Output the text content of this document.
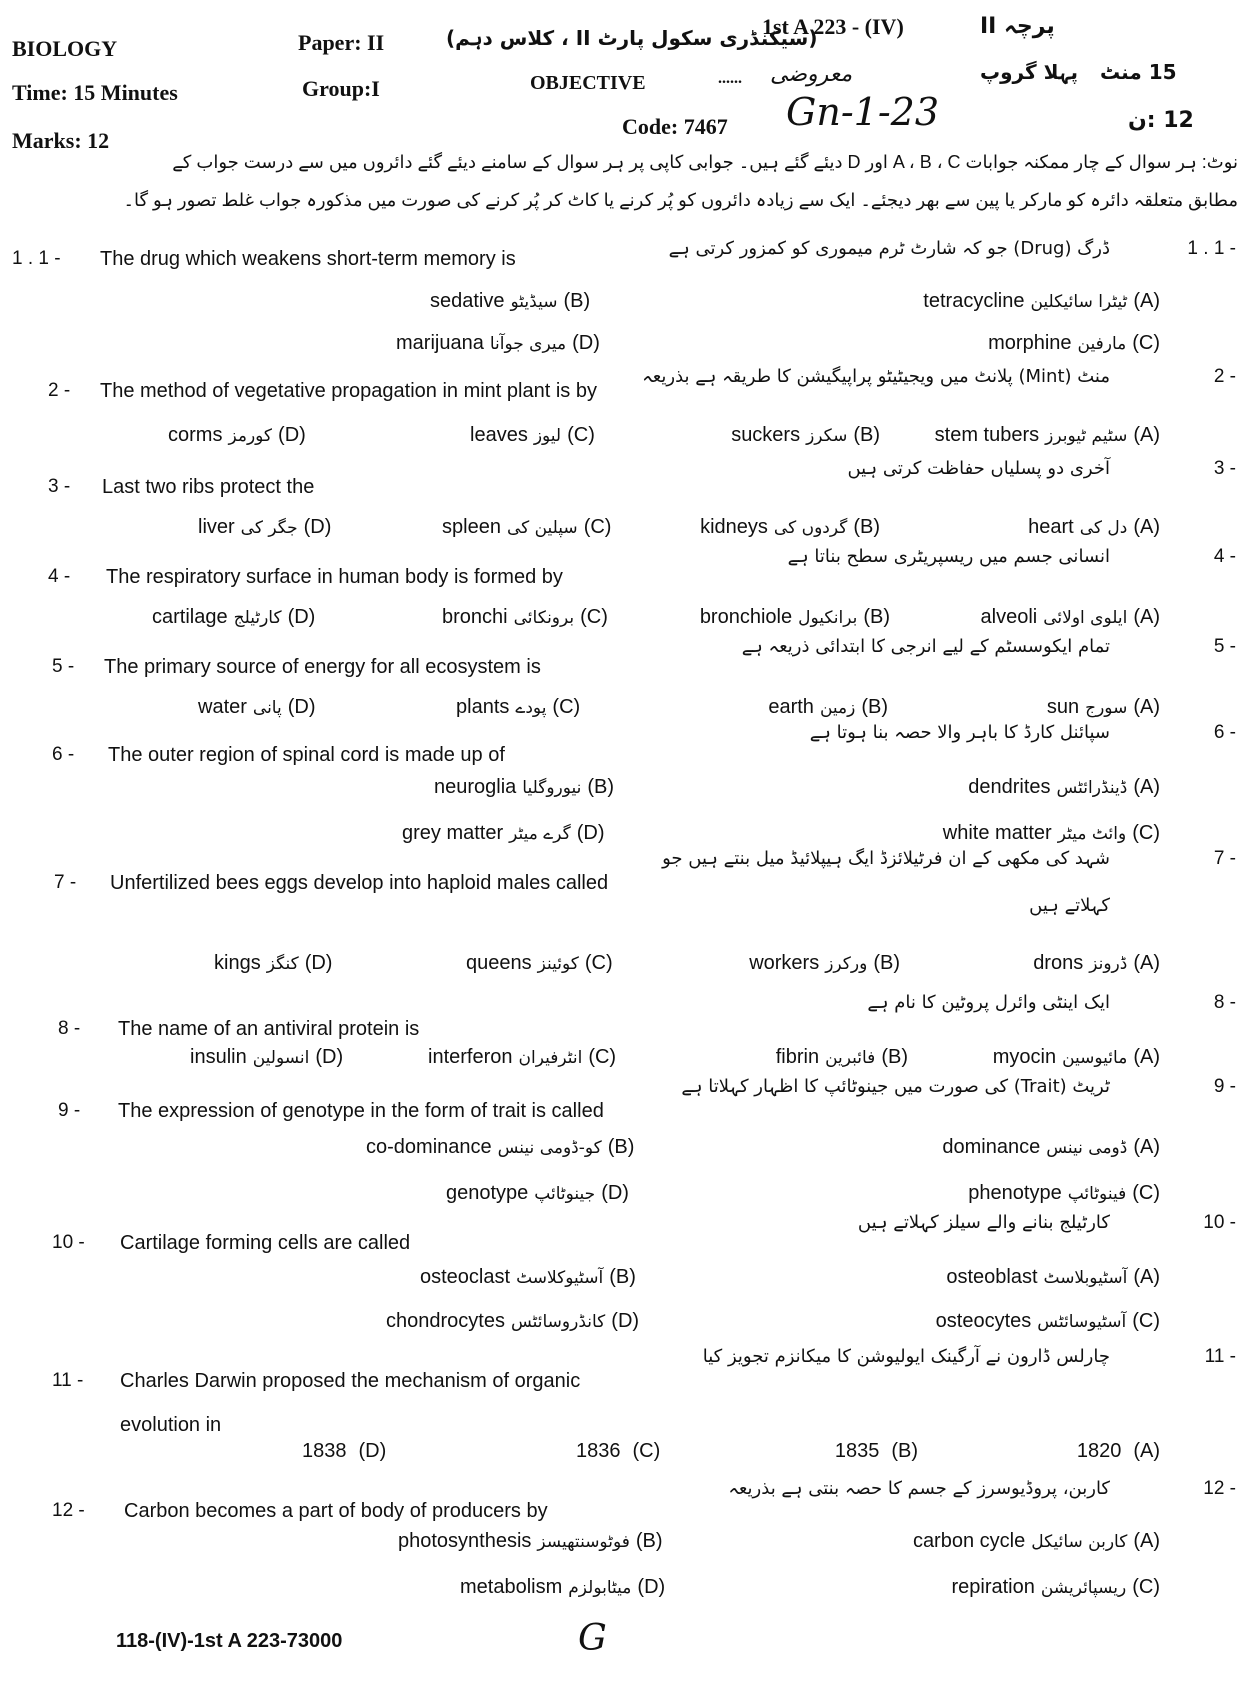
BIOLOGY	Paper: II	(سیکنڈری سکول پارٹ II ، کلاس دہم)
1st A 223 - (IV)	II پرچہ
Time: 15 Minutes	Group:I	OBJECTIVE	...... معروضی	پہلا گروپ 15 منٹ
Marks: 12
Code: 7467 Gn-1-23	12 :ن
نوٹ: ہر سوال کے چار ممکنہ جوابات A ، B ، C اور D دیئے گئے ہیں۔ جوابی کاپی پر ہر سوال کے سامنے دیئے گئے دائروں میں سے درست جواب کے
مطابق متعلقہ دائرہ کو مارکر یا پین سے بھر دیجئے۔ ایک سے زیادہ دائروں کو پُر کرنے یا کاٹ کر پُر کرنے کی صورت میں مذکورہ جواب غلط تصور ہو گا۔
1 . 1 - The drug which weakens short-term memory is	ڈرگ (Drug) جو کہ شارٹ ٹرم میموری کو کمزور کرتی ہے	1 . 1 -
tetracycline ٹیٹرا سائیکلین (A)
sedative سیڈیٹو (B)
morphine مارفین (C)
marijuana میری جوآنا (D)
2 - The method of vegetative propagation in mint plant is by
منٹ (Mint) پلانٹ میں ویجیٹیٹو پراپیگیشن کا طریقہ ہے بذریعہ	2 -
stem tubers سٹیم ٹیوبرز (A)
suckers سکرز (B)
leaves لیوز (C)
corms کورمز (D)
3 - Last two ribs protect the
آخری دو پسلیاں حفاظت کرتی ہیں	3 -
heart دل کی (A)
kidneys گردوں کی (B)
spleen سپلین کی (C)
liver جگر کی (D)
4 - The respiratory surface in human body is formed by
انسانی جسم میں ریسپریٹری سطح بناتا ہے	4 -
alveoli ایلوی اولائی (A)
bronchiole برانکیول (B)
bronchi برونکائی (C)
cartilage کارٹیلج (D)
5 - The primary source of energy for all ecosystem is
تمام ایکوسسٹم کے لیے انرجی کا ابتدائی ذریعہ ہے	5 -
sun سورج (A)
earth زمین (B)
plants پودے (C)
water پانی (D)
6 - The outer region of spinal cord is made up of
سپائنل کارڈ کا باہر والا حصہ بنا ہوتا ہے	6 -
dendrites ڈینڈرائٹس (A)
neuroglia نیوروگلیا (B)
white matter وائٹ میٹر (C)
grey matter گرے میٹر (D)
7 - Unfertilized bees eggs develop into haploid males called
شہد کی مکھی کے ان فرٹیلائزڈ ایگ ہیپلائیڈ میل بنتے ہیں جو	7 -
کہلاتے ہیں
drons ڈرونز (A)
workers ورکرز (B)
queens کوئینز (C)
kings کنگز (D)
8 - The name of an antiviral protein is
ایک اینٹی وائرل پروٹین کا نام ہے	8 -
myocin مائیوسین (A)
fibrin فائبرین (B)
interferon انٹرفیران (C)
insulin انسولین (D)
9 - The expression of genotype in the form of trait is called
ٹریٹ (Trait) کی صورت میں جینوٹائپ کا اظہار کہلاتا ہے	9 -
dominance ڈومی نینس (A)
co-dominance کو-ڈومی نینس (B)
phenotype فینوٹائپ (C)
genotype جینوٹائپ (D)
10 - Cartilage forming cells are called
کارٹیلج بنانے والے سیلز کہلاتے ہیں	10 -
osteoblast آسٹیوبلاسٹ (A)
osteoclast آسٹیوکلاسٹ (B)
osteocytes آسٹیوسائٹس (C)
chondrocytes کانڈروسائٹس (D)
11 - Charles Darwin proposed the mechanism of organic
evolution in
چارلس ڈارون نے آرگینک ایولیوشن کا میکانزم تجویز کیا	11 -
1820 (A)
1835 (B)
1836 (C)
1838 (D)
12 - Carbon becomes a part of body of producers by
کاربن، پروڈیوسرز کے جسم کا حصہ بنتی ہے بذریعہ	12 -
carbon cycle کاربن سائیکل (A)
photosynthesis فوٹوسنتھیسز (B)
repiration ریسپائریشن (C)
metabolism میٹابولزم (D)
118-(IV)-1st A 223-73000	G
